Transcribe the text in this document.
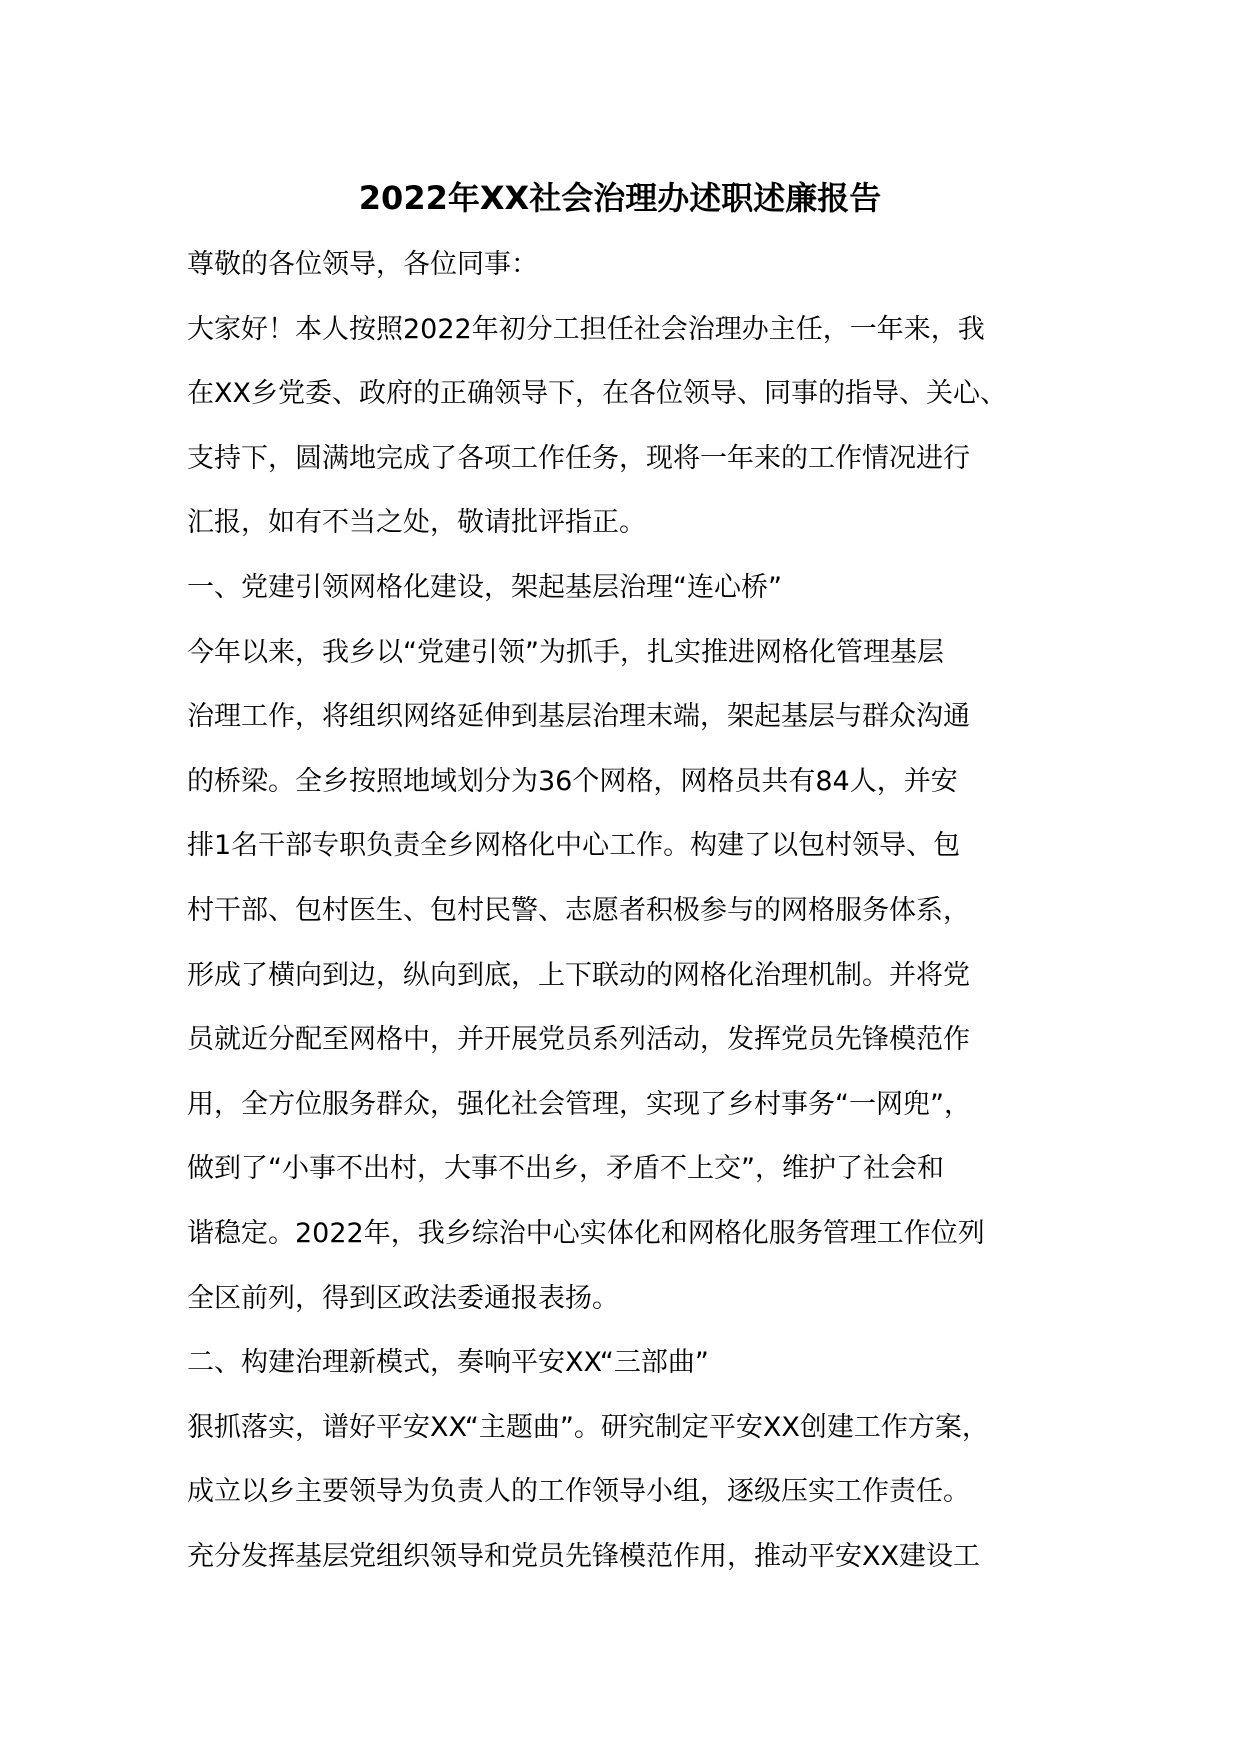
2022年XX社会治理办述职述廉报告

尊敬的各位领导，各位同事：

大家好！本人按照2022年初分工担任社会治理办主任，一年来，我

在XX乡党委、政府的正确领导下，在各位领导、同事的指导、关心、

支持下，圆满地完成了各项工作任务，现将一年来的工作情况进行

汇报，如有不当之处，敬请批评指正。

一、党建引领网格化建设，架起基层治理“连心桥”

今年以来，我乡以“党建引领”为抓手，扎实推进网格化管理基层

治理工作，将组织网络延伸到基层治理末端，架起基层与群众沟通

的桥梁。全乡按照地域划分为36个网格，网格员共有84人，并安

排1名干部专职负责全乡网格化中心工作。构建了以包村领导、包

村干部、包村医生、包村民警、志愿者积极参与的网格服务体系，

形成了横向到边，纵向到底，上下联动的网格化治理机制。并将党

员就近分配至网格中，并开展党员系列活动，发挥党员先锋模范作

用，全方位服务群众，强化社会管理，实现了乡村事务“一网兜”，

做到了“小事不出村，大事不出乡，矛盾不上交”，维护了社会和

谐稳定。2022年，我乡综治中心实体化和网格化服务管理工作位列

全区前列，得到区政法委通报表扬。

二、构建治理新模式，奏响平安XX“三部曲”

狠抓落实，谱好平安XX“主题曲”。研究制定平安XX创建工作方案，

成立以乡主要领导为负责人的工作领导小组，逐级压实工作责任。

充分发挥基层党组织领导和党员先锋模范作用，推动平安XX建设工
